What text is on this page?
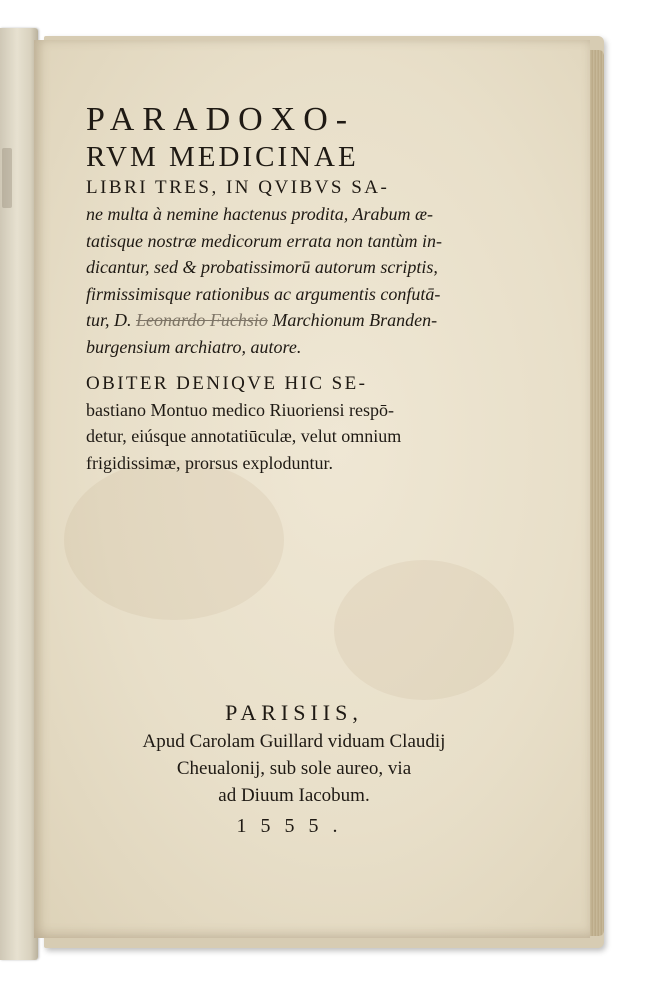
PARADOXO-
RVM MEDICINAE
LIBRI TRES, IN QVIBVS SA-
ne multa à nemine hactenus prodita, Arabum æ-
tatisque nostræ medicorum errata non tantùm in-
dicantur, sed & probatissimorū autorum scriptis,
firmissimisque rationibus ac argumentis confutā-
tur, D. Leonardo Fuchsio Marchionum Branden-
burgensium archiatro, autore.
OBITER DENIQVE HIC SE-
bastiano Montuo medico Riuoriensi respō-
detur, eiúsque annotatiūculæ, velut omnium
frigidissimæ, prorsus exploduntur.
PARISIIS,
Apud Carolam Guillard viduam Claudij
Cheualonij, sub sole aureo, via
ad Diuum Iacobum.
1555.
